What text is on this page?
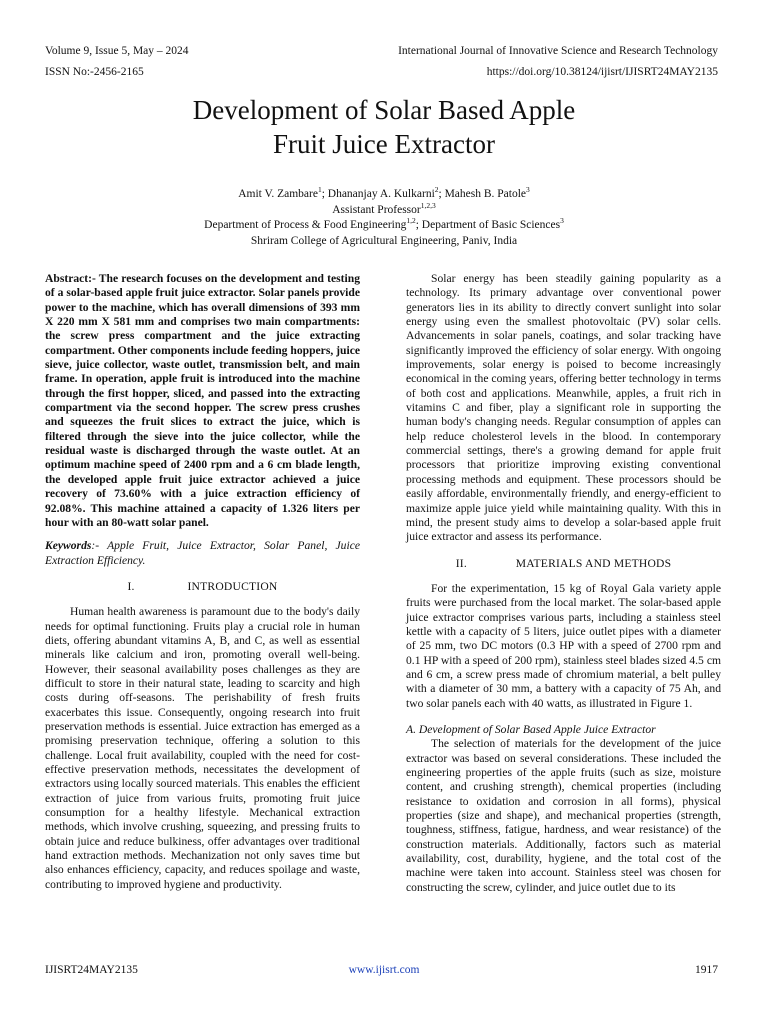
Volume 9, Issue 5, May – 2024
ISSN No:-2456-2165
International Journal of Innovative Science and Research Technology
https://doi.org/10.38124/ijisrt/IJISRT24MAY2135
Development of Solar Based Apple
Fruit Juice Extractor
Amit V. Zambare$^1$; Dhananjay A. Kulkarni$^2$; Mahesh B. Patole$^3$
Assistant Professor$^{1,2,3}$
Department of Process & Food Engineering$^{1,2}$; Department of Basic Sciences$^3$
Shriram College of Agricultural Engineering, Paniv, India

Abstract:- The research focuses on the development and testing of a solar-based apple fruit juice extractor. Solar panels provide power to the machine, which has overall dimensions of 393 mm X 220 mm X 581 mm and comprises two main compartments: the screw press compartment and the juice extracting compartment. Other components include feeding hoppers, juice sieve, juice collector, waste outlet, transmission belt, and main frame. In operation, apple fruit is introduced into the machine through the first hopper, sliced, and passed into the extracting compartment via the second hopper. The screw press crushes and squeezes the fruit slices to extract the juice, which is filtered through the sieve into the juice collector, while the residual waste is discharged through the waste outlet. At an optimum machine speed of 2400 rpm and a 6 cm blade length, the developed apple fruit juice extractor achieved a juice recovery of 73.60% with a juice extraction efficiency of 92.08%. This machine attained a capacity of 1.326 liters per hour with an 80-watt solar panel.

Keywords:- Apple Fruit, Juice Extractor, Solar Panel, Juice Extraction Efficiency.

I.	INTRODUCTION

Human health awareness is paramount due to the body's daily needs for optimal functioning. Fruits play a crucial role in human diets, offering abundant vitamins A, B, and C, as well as essential minerals like calcium and iron, promoting overall well-being. However, their seasonal availability poses challenges as they are difficult to store in their natural state, leading to scarcity and high costs during off-seasons. The perishability of fresh fruits exacerbates this issue. Consequently, ongoing research into fruit preservation methods is essential. Juice extraction has emerged as a promising preservation technique, offering a solution to this challenge. Local fruit availability, coupled with the need for cost-effective preservation methods, necessitates the development of extractors using locally sourced materials. This enables the efficient extraction of juice from various fruits, promoting fruit juice consumption for a healthy lifestyle. Mechanical extraction methods, which involve crushing, squeezing, and pressing fruits to obtain juice and reduce bulkiness, offer advantages over traditional hand extraction methods. Mechanization not only saves time but also enhances efficiency, capacity, and reduces spoilage and waste, contributing to improved hygiene and productivity.

Solar energy has been steadily gaining popularity as a technology. Its primary advantage over conventional power generators lies in its ability to directly convert sunlight into solar energy using even the smallest photovoltaic (PV) solar cells. Advancements in solar panels, coatings, and solar tracking have significantly improved the efficiency of solar energy. With ongoing improvements, solar energy is poised to become increasingly economical in the coming years, offering better technology in terms of both cost and applications. Meanwhile, apples, a fruit rich in vitamins C and fiber, play a significant role in supporting the human body's changing needs. Regular consumption of apples can help reduce cholesterol levels in the blood. In contemporary commercial settings, there's a growing demand for apple fruit processors that prioritize improving existing conventional processing methods and equipment. These processors should be easily affordable, environmentally friendly, and energy-efficient to maximize apple juice yield while maintaining quality. With this in mind, the present study aims to develop a solar-based apple fruit juice extractor and assess its performance.

II.	MATERIALS AND METHODS

For the experimentation, 15 kg of Royal Gala variety apple fruits were purchased from the local market. The solar-based apple juice extractor comprises various parts, including a stainless steel kettle with a capacity of 5 liters, juice outlet pipes with a diameter of 25 mm, two DC motors (0.3 HP with a speed of 2700 rpm and 0.1 HP with a speed of 200 rpm), stainless steel blades sized 4.5 cm and 6 cm, a screw press made of chromium material, a belt pulley with a diameter of 30 mm, a battery with a capacity of 75 Ah, and two solar panels each with 40 watts, as illustrated in Figure 1.

A. Development of Solar Based Apple Juice Extractor

The selection of materials for the development of the juice extractor was based on several considerations. These included the engineering properties of the apple fruits (such as size, moisture content, and crushing strength), chemical properties (including resistance to oxidation and corrosion in all forms), physical properties (size and shape), and mechanical properties (strength, toughness, stiffness, fatigue, hardness, and wear resistance) of the construction materials. Additionally, factors such as material availability, cost, durability, hygiene, and the total cost of the machine were taken into account. Stainless steel was chosen for constructing the screw, cylinder, and juice outlet due to its

IJISRT24MAY2135	www.ijisrt.com	1917
